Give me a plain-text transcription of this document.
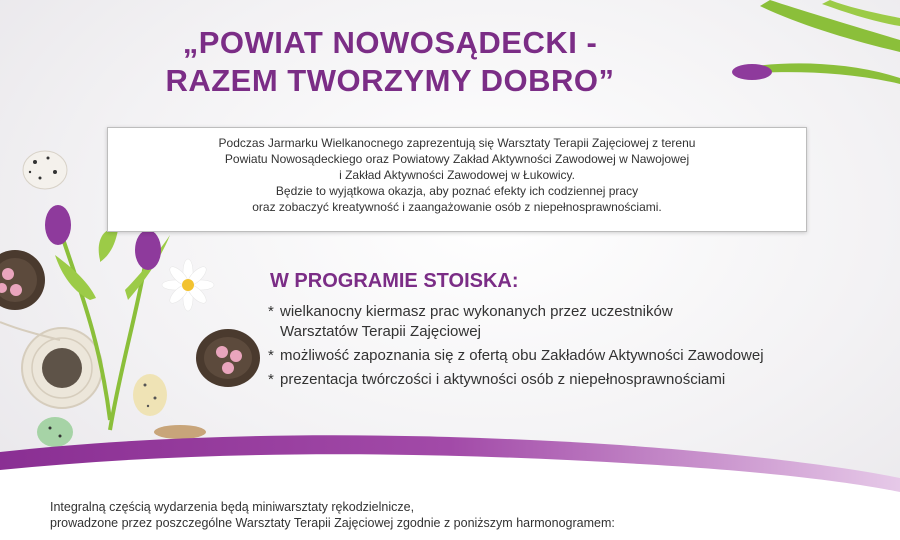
„POWIAT NOWOSĄDECKI -
RAZEM TWORZYMY DOBRO”
Podczas Jarmarku Wielkanocnego zaprezentują się Warsztaty Terapii Zajęciowej z terenu
Powiatu Nowosądeckiego oraz Powiatowy Zakład Aktywności Zawodowej w Nawojowej
i Zakład Aktywności Zawodowej w Łukowicy.
Będzie to wyjątkowa okazja, aby poznać efekty ich codziennej pracy
oraz zobaczyć kreatywność i zaangażowanie osób z niepełnosprawnościami.
W PROGRAMIE STOISKA:
* wielkanocny kiermasz prac wykonanych przez uczestników
Warsztatów Terapii Zajęciowej
* możliwość zapoznania się z ofertą obu Zakładów Aktywności Zawodowej
* prezentacja twórczości i aktywności osób z niepełnosprawnościami
Integralną częścią wydarzenia będą miniwarsztaty rękodzielnicze,
prowadzone przez poszczególne Warsztaty Terapii Zajęciowej zgodnie z poniższym harmonogramem:
